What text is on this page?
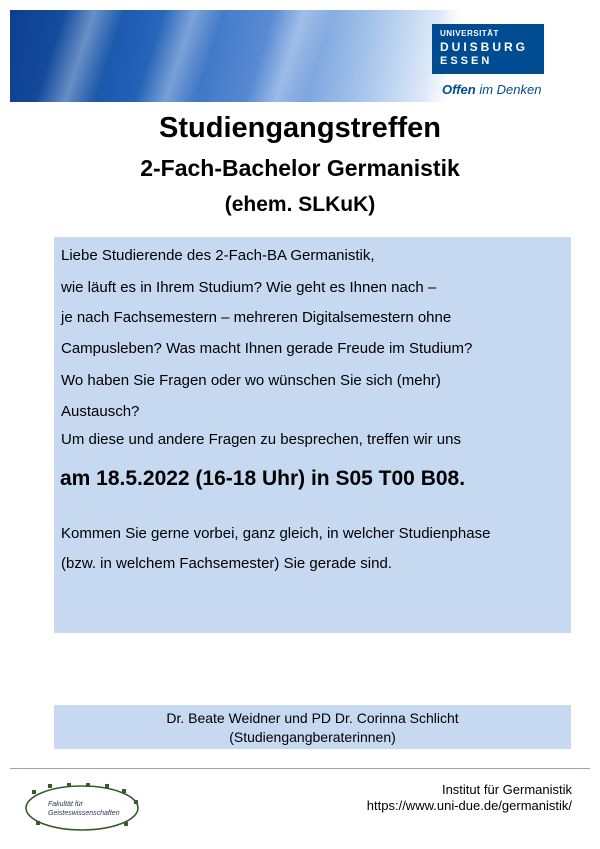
UNIVERSITÄT
DUISBURG
ESSEN
Offen im Denken
Studiengangstreffen
2-Fach-Bachelor Germanistik
(ehem. SLKuK)
Liebe Studierende des 2-Fach-BA Germanistik,
wie läuft es in Ihrem Studium? Wie geht es Ihnen nach –
je nach Fachsemestern – mehreren Digitalsemestern ohne
Campusleben? Was macht Ihnen gerade Freude im Studium?
Wo haben Sie Fragen oder wo wünschen Sie sich (mehr)
Austausch?
Um diese und andere Fragen zu besprechen, treffen wir uns
am 18.5.2022 (16-18 Uhr) in S05 T00 B08.
Kommen Sie gerne vorbei, ganz gleich, in welcher Studienphase
(bzw. in welchem Fachsemester) Sie gerade sind.
Dr. Beate Weidner und PD Dr. Corinna Schlicht
(Studiengangberaterinnen)
Fakultät für
Geisteswissenschaften
Institut für Germanistik
https://www.uni-due.de/germanistik/
